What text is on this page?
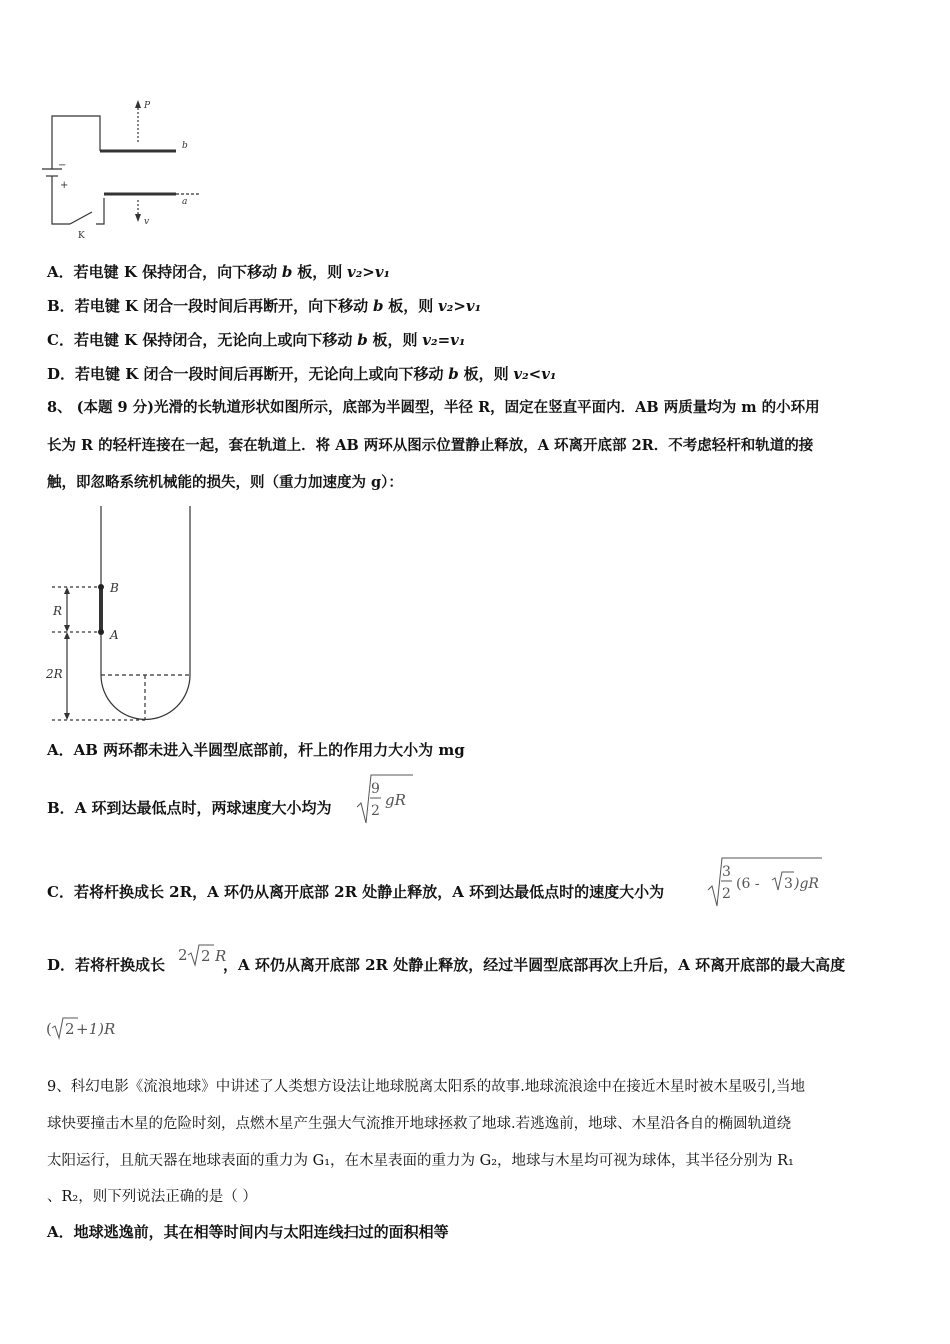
P
b
a
v
−
+
K
A．若电键 K 保持闭合，向下移动 b 板，则 v₂>v₁
B．若电键 K 闭合一段时间后再断开，向下移动 b 板，则 v₂>v₁
C．若电键 K 保持闭合，无论向上或向下移动 b 板，则 v₂=v₁
D．若电键 K 闭合一段时间后再断开，无论向上或向下移动 b 板，则 v₂<v₁
8、 (本题 9 分)光滑的长轨道形状如图所示，底部为半圆型，半径 R，固定在竖直平面内．AB 两质量均为 m 的小环用
长为 R 的轻杆连接在一起，套在轨道上．将 AB 两环从图示位置静止释放，A 环离开底部 2R．不考虑轻杆和轨道的接
触，即忽略系统机械能的损失，则（重力加速度为 g）：
B
A
R
2R
A．AB 两环都未进入半圆型底部前，杆上的作用力大小为 mg
B．A 环到达最低点时，两球速度大小均为
9
2
gR
C．若将杆换成长 2R，A 环仍从离开底部 2R 处静止释放，A 环到达最低点时的速度大小为
3
2
(6 - 3 )gR
D．若将杆换成长	，A 环仍从离开底部 2R 处静止释放，经过半圆型底部再次上升后，A 环离开底部的最大高度
2 2 R
( 2 +1)R
9、科幻电影《流浪地球》中讲述了人类想方设法让地球脱离太阳系的故事.地球流浪途中在接近木星时被木星吸引,当地
球快要撞击木星的危险时刻，点燃木星产生强大气流推开地球拯救了地球.若逃逸前，地球、木星沿各自的椭圆轨道绕
太阳运行，且航天器在地球表面的重力为 G₁，在木星表面的重力为 G₂，地球与木星均可视为球体，其半径分别为 R₁
、R₂，则下列说法正确的是（ ）
A．地球逃逸前，其在相等时间内与太阳连线扫过的面积相等
